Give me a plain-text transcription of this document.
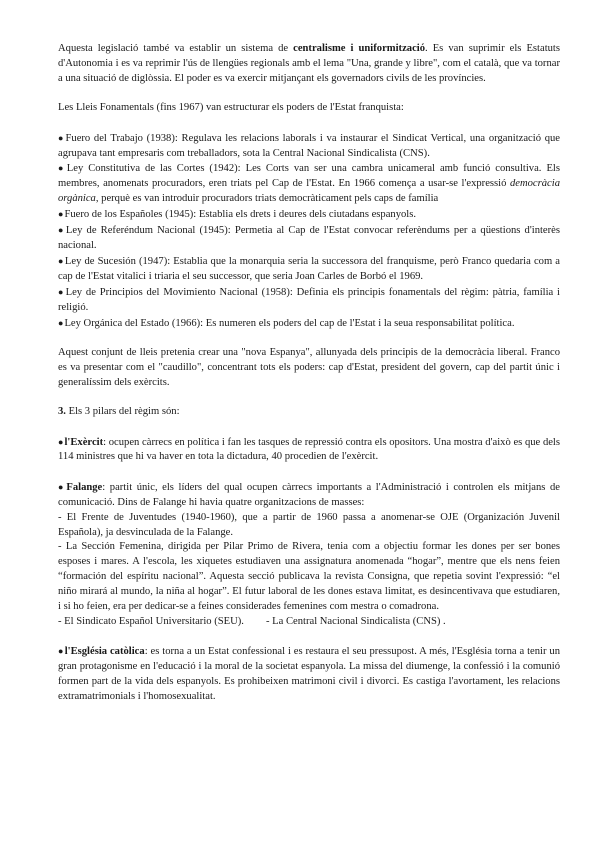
Aquesta legislació també va establir un sistema de centralisme i uniformització. Es van suprimir els Estatuts d'Autonomia i es va reprimir l'ús de llengües regionals amb el lema "Una, grande y libre", com el català, que va tornar a una situació de diglòssia. El poder es va exercir mitjançant els governadors civils de les províncies.

Les Lleis Fonamentals (fins 1967) van estructurar els poders de l'Estat franquista:

●Fuero del Trabajo (1938): Regulava les relacions laborals i va instaurar el Sindicat Vertical, una organització que agrupava tant empresaris com treballadors, sota la Central Nacional Sindicalista (CNS).

●Ley Constitutiva de las Cortes (1942): Les Corts van ser una cambra unicameral amb funció consultiva. Els membres, anomenats procuradors, eren triats pel Cap de l'Estat. En 1966 comença a usar-se l'expressió democràcia orgànica, perquè es van introduir procuradors triats democràticament pels caps de família

●Fuero de los Españoles (1945): Establia els drets i deures dels ciutadans espanyols.

●Ley de Referéndum Nacional (1945): Permetia al Cap de l'Estat convocar referèndums per a qüestions d'interès nacional.

●Ley de Sucesión (1947): Establia que la monarquia seria la successora del franquisme, però Franco quedaria com a cap de l'Estat vitalici i triaria el seu successor, que seria Joan Carles de Borbó el 1969.

●Ley de Principios del Movimiento Nacional (1958): Definia els principis fonamentals del règim: pàtria, família i religió.

●Ley Orgánica del Estado (1966): Es numeren els poders del cap de l'Estat i la seua responsabilitat política.

Aquest conjunt de lleis pretenia crear una "nova Espanya", allunyada dels principis de la democràcia liberal. Franco es va presentar com el "caudillo", concentrant tots els poders: cap d'Estat, president del govern, cap del partit únic i generalíssim dels exèrcits.

3. Els 3 pilars del règim són:

●l'Exèrcit: ocupen càrrecs en política i fan les tasques de repressió contra els opositors. Una mostra d'això es que dels 114 ministres que hi va haver en tota la dictadura, 40 procedien de l'exèrcit.

●Falange: partit únic, els líders del qual ocupen càrrecs importants a l'Administració i controlen els mitjans de comunicació. Dins de Falange hi havia quatre organitzacions de masses:

- El Frente de Juventudes (1940-1960), que a partir de 1960 passa a anomenar-se OJE (Organización Juvenil Española), ja desvinculada de la Falange.

- La Sección Femenina, dirigida per Pilar Primo de Rivera, tenia com a objectiu formar les dones per ser bones esposes i mares. A l'escola, les xiquetes estudiaven una assignatura anomenada “hogar”, mentre que els nens feien “formación del espíritu nacional”. Aquesta secció publicava la revista Consigna, que repetia sovint l'expressió: “el niño mirará al mundo, la niña al hogar”. El futur laboral de les dones estava limitat, es desincentivava que estudiaren, i si ho feien, era per dedicar-se a feines considerades femenines com mestra o comadrona.

- El Sindicato Español Universitario (SEU). - La Central Nacional Sindicalista (CNS) .

●l'Església catòlica: es torna a un Estat confessional i es restaura el seu pressupost. A més, l'Església torna a tenir un gran protagonisme en l'educació i la moral de la societat espanyola. La missa del diumenge, la confessió i la comunió formen part de la vida dels espanyols. Es prohibeixen matrimoni civil i divorci. Es castiga l'avortament, les relacions extramatrimonials i l'homosexualitat.
